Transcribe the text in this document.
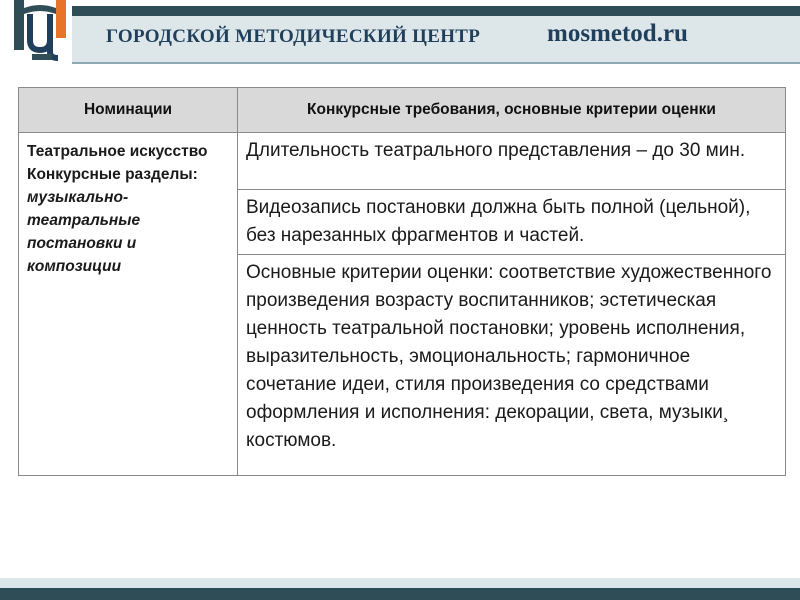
ГОРОДСКОЙ МЕТОДИЧЕСКИЙ ЦЕНТР	mosmetod.ru
Номинации	Конкурсные требования, основные критерии оценки

Театральное искусство
Конкурсные разделы:
музыкально-театральные постановки и композиции	Длительность театрального представления – до 30 мин.
	Видеозапись постановки должна быть полной (цельной), без нарезанных фрагментов и частей.
	Основные критерии оценки: соответствие художественного произведения возрасту воспитанников; эстетическая ценность театральной постановки; уровень исполнения, выразительность, эмоциональность; гармоничное сочетание идеи, стиля произведения со средствами оформления и исполнения: декорации, света, музыки¸ костюмов.
